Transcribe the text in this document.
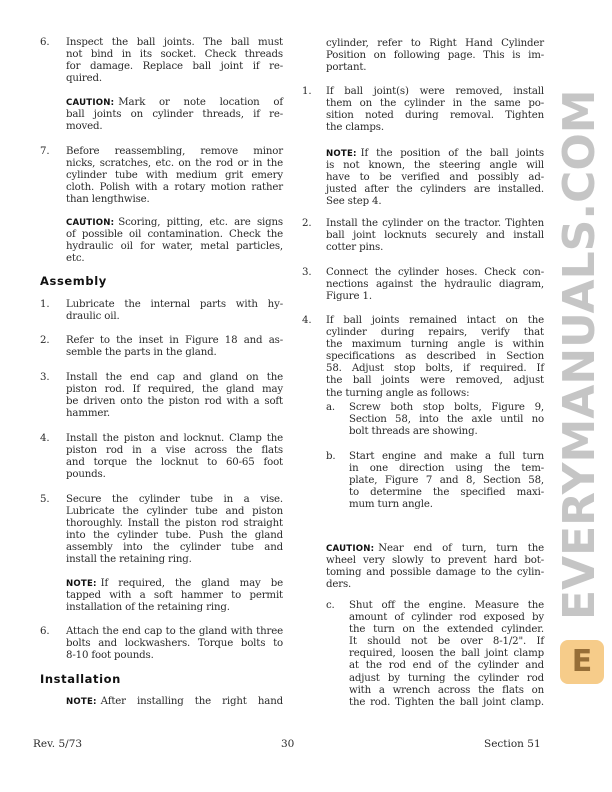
6. Inspect the ball joints. The ball must
not bind in its socket. Check threads
for damage. Replace ball joint if re-
quired.
CAUTION: Mark or note location of
ball joints on cylinder threads, if re-
moved.
7. Before reassembling, remove minor
nicks, scratches, etc. on the rod or in the
cylinder tube with medium grit emery
cloth. Polish with a rotary motion rather
than lengthwise.
CAUTION: Scoring, pitting, etc. are signs
of possible oil contamination. Check the
hydraulic oil for water, metal particles,
etc.
Assembly
1. Lubricate the internal parts with hy-
draulic oil.
2. Refer to the inset in Figure 18 and as-
semble the parts in the gland.
3. Install the end cap and gland on the
piston rod. If required, the gland may
be driven onto the piston rod with a soft
hammer.
4. Install the piston and locknut. Clamp the
piston rod in a vise across the flats
and torque the locknut to 60-65 foot
pounds.
5. Secure the cylinder tube in a vise.
Lubricate the cylinder tube and piston
thoroughly. Install the piston rod straight
into the cylinder tube. Push the gland
assembly into the cylinder tube and
install the retaining ring.
NOTE: If required, the gland may be
tapped with a soft hammer to permit
installation of the retaining ring.
6. Attach the end cap to the gland with three
bolts and lockwashers. Torque bolts to
8-10 foot pounds.
Installation
NOTE: After installing the right hand
cylinder, refer to Right Hand Cylinder
Position on following page. This is im-
portant.
1. If ball joint(s) were removed, install
them on the cylinder in the same po-
sition noted during removal. Tighten
the clamps.
NOTE: If the position of the ball joints
is not known, the steering angle will
have to be verified and possibly ad-
justed after the cylinders are installed.
See step 4.
2. Install the cylinder on the tractor. Tighten
ball joint locknuts securely and install
cotter pins.
3. Connect the cylinder hoses. Check con-
nections against the hydraulic diagram,
Figure 1.
4. If ball joints remained intact on the
cylinder during repairs, verify that
the maximum turning angle is within
specifications as described in Section
58. Adjust stop bolts, if required. If
the ball joints were removed, adjust
the turning angle as follows:
a. Screw both stop bolts, Figure 9,
Section 58, into the axle until no
bolt threads are showing.
b. Start engine and make a full turn
in one direction using the tem-
plate, Figure 7 and 8, Section 58,
to determine the specified maxi-
mum turn angle.
CAUTION: Near end of turn, turn the
wheel very slowly to prevent hard bot-
toming and possible damage to the cylin-
ders.
c. Shut off the engine. Measure the
amount of cylinder rod exposed by
the turn on the extended cylinder.
It should not be over 8-1/2". If
required, loosen the ball joint clamp
at the rod end of the cylinder and
adjust by turning the cylinder rod
with a wrench across the flats on
the rod. Tighten the ball joint clamp.
E
EVERYMANUALS.COM
Rev. 5/73	30	Section 51
